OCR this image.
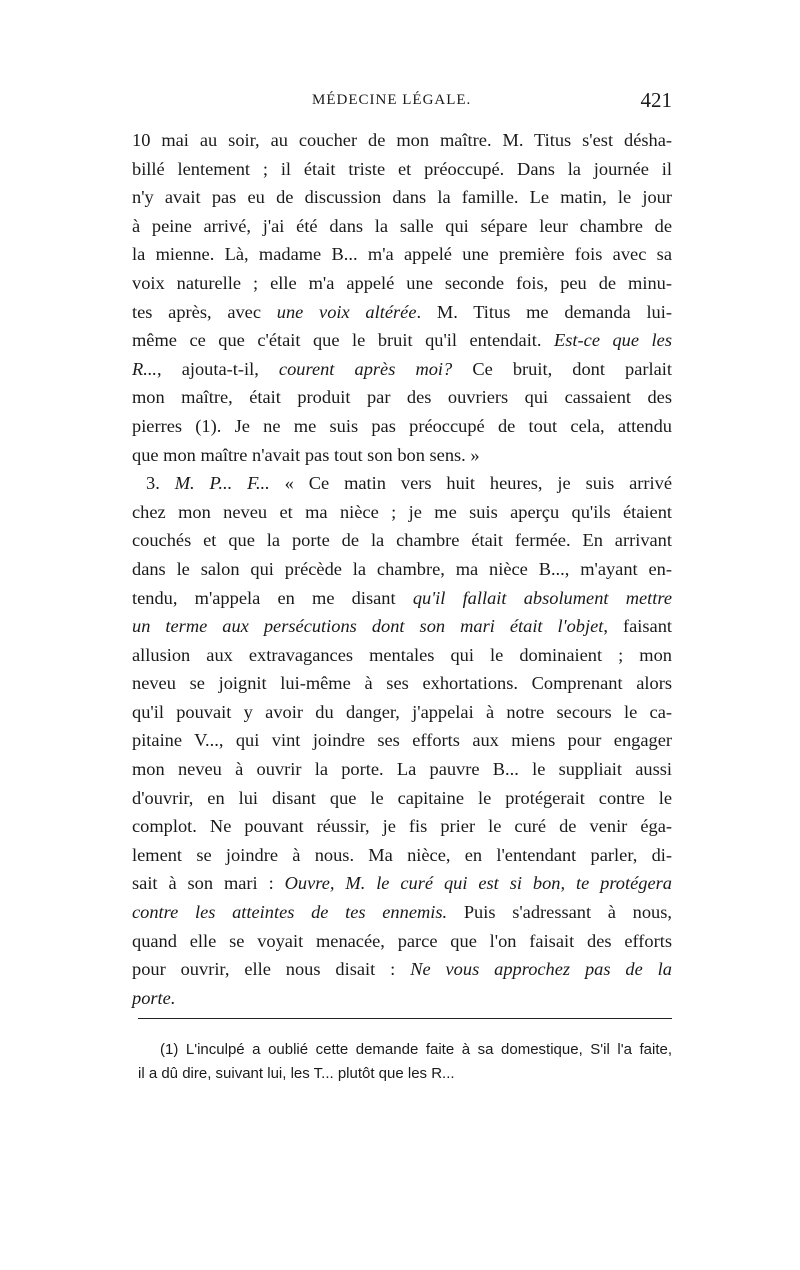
MÉDECINE LÉGALE.	421

10 mai au soir, au coucher de mon maître. M. Titus s'est désha-
billé lentement ; il était triste et préoccupé. Dans la journée il
n'y avait pas eu de discussion dans la famille. Le matin, le jour
à peine arrivé, j'ai été dans la salle qui sépare leur chambre de
la mienne. Là, madame B... m'a appelé une première fois avec sa
voix naturelle ; elle m'a appelé une seconde fois, peu de minu-
tes après, avec une voix altérée. M. Titus me demanda lui-
même ce que c'était que le bruit qu'il entendait. Est-ce que les
R..., ajouta-t-il, courent après moi? Ce bruit, dont parlait
mon maître, était produit par des ouvriers qui cassaient des
pierres (1). Je ne me suis pas préoccupé de tout cela, attendu
que mon maître n'avait pas tout son bon sens. »

3. M. P... F... « Ce matin vers huit heures, je suis arrivé
chez mon neveu et ma nièce ; je me suis aperçu qu'ils étaient
couchés et que la porte de la chambre était fermée. En arrivant
dans le salon qui précède la chambre, ma nièce B..., m'ayant en-
tendu, m'appela en me disant qu'il fallait absolument mettre
un terme aux persécutions dont son mari était l'objet, faisant
allusion aux extravagances mentales qui le dominaient ; mon
neveu se joignit lui-même à ses exhortations. Comprenant alors
qu'il pouvait y avoir du danger, j'appelai à notre secours le ca-
pitaine V..., qui vint joindre ses efforts aux miens pour engager
mon neveu à ouvrir la porte. La pauvre B... le suppliait aussi
d'ouvrir, en lui disant que le capitaine le protégerait contre le
complot. Ne pouvant réussir, je fis prier le curé de venir éga-
lement se joindre à nous. Ma nièce, en l'entendant parler, di-
sait à son mari : Ouvre, M. le curé qui est si bon, te protégera
contre les atteintes de tes ennemis. Puis s'adressant à nous,
quand elle se voyait menacée, parce que l'on faisait des efforts
pour ouvrir, elle nous disait : Ne vous approchez pas de la
porte.

(1) L'inculpé a oublié cette demande faite à sa domestique, S'il l'a faite,
il a dû dire, suivant lui, les T... plutôt que les R...
